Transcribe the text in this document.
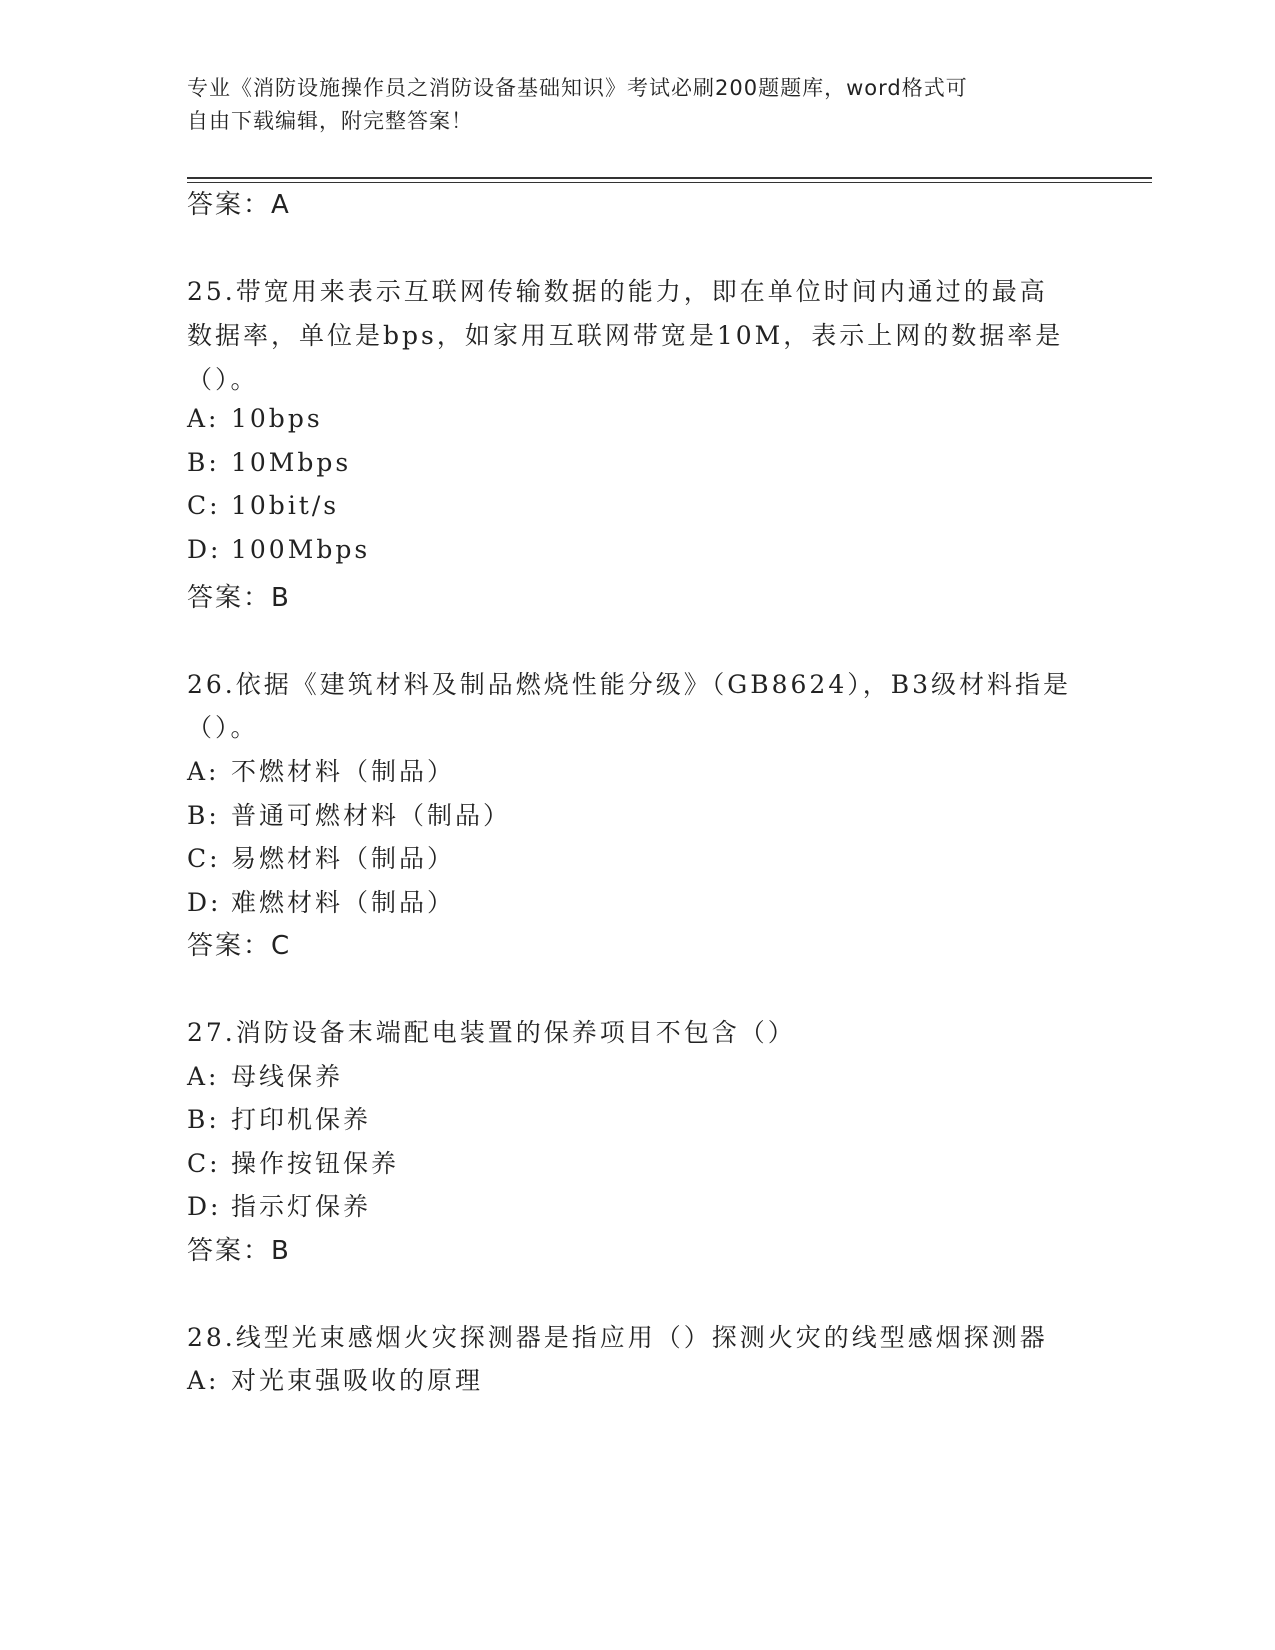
专业《消防设施操作员之消防设备基础知识》考试必刷200题题库，word格式可
自由下载编辑，附完整答案！
答案：A
25.带宽用来表示互联网传输数据的能力，即在单位时间内通过的最高
数据率，单位是bps，如家用互联网带宽是10M，表示上网的数据率是
（）。
A: 10bps
B: 10Mbps
C: 10bit/s
D: 100Mbps
答案：B
26.依据《建筑材料及制品燃烧性能分级》（GB8624），B3级材料指是
（）。
A: 不燃材料（制品）
B: 普通可燃材料（制品）
C: 易燃材料（制品）
D: 难燃材料（制品）
答案：C
27.消防设备末端配电装置的保养项目不包含（）
A: 母线保养
B: 打印机保养
C: 操作按钮保养
D: 指示灯保养
答案：B
28.线型光束感烟火灾探测器是指应用（）探测火灾的线型感烟探测器
A: 对光束强吸收的原理
